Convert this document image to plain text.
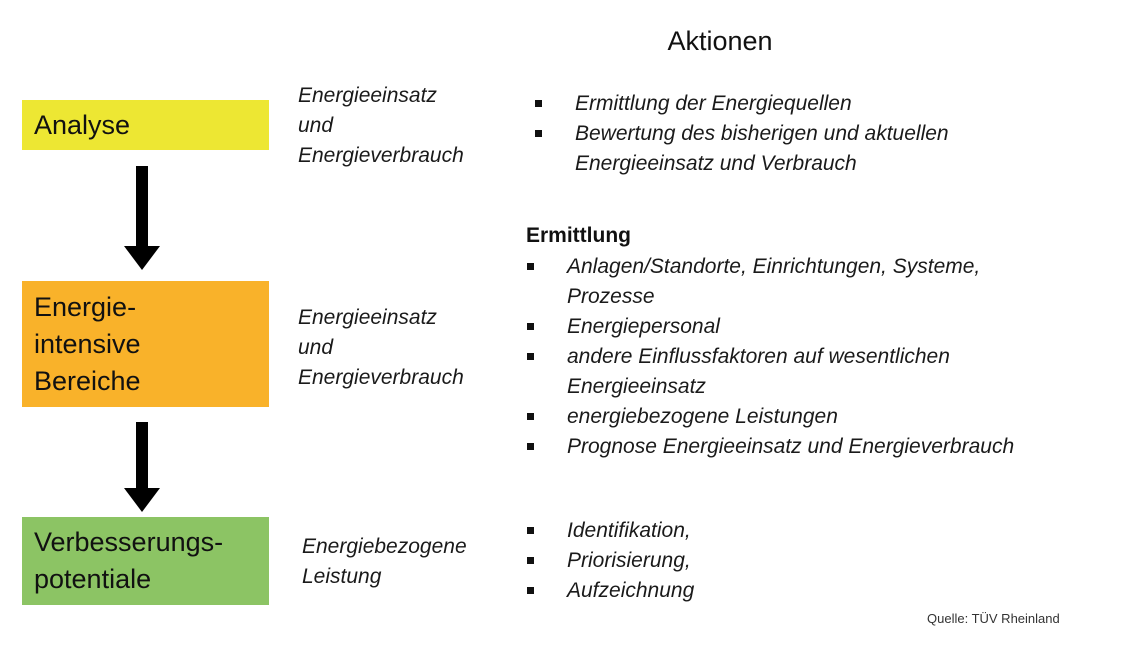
Aktionen
Analyse
Energie-
intensive
Bereiche
Verbesserungs-
potentiale
Energieeinsatz
und
Energieverbrauch
Energieeinsatz
und
Energieverbrauch
Energiebezogene
Leistung
Ermittlung der Energiequellen
Bewertung des bisherigen und aktuellen
Energieeinsatz und Verbrauch
Ermittlung
Anlagen/Standorte, Einrichtungen, Systeme,
Prozesse
Energiepersonal
andere Einflussfaktoren auf wesentlichen
Energieeinsatz
energiebezogene Leistungen
Prognose Energieeinsatz und Energieverbrauch
Identifikation,
Priorisierung,
Aufzeichnung
Quelle: TÜV Rheinland
